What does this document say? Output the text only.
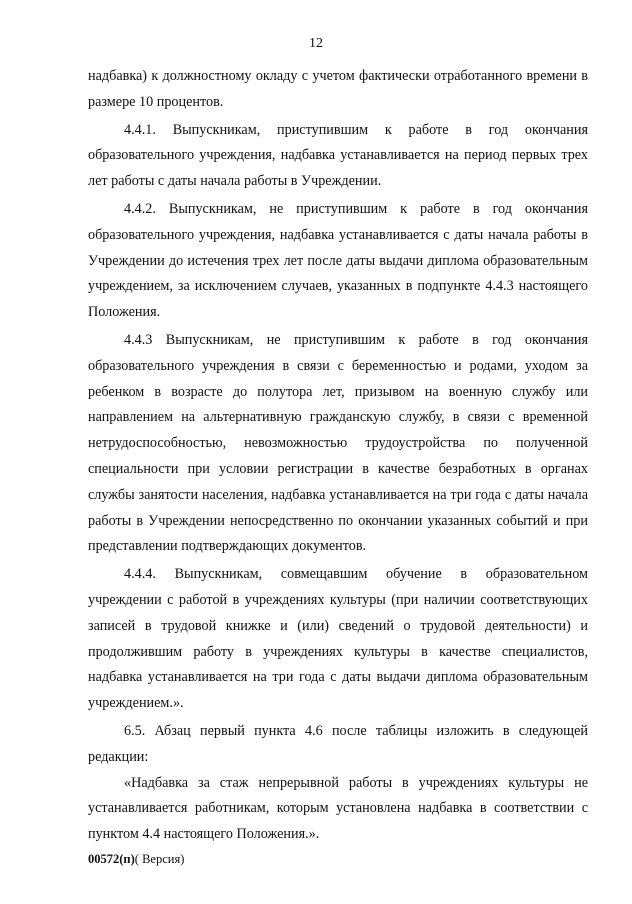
12

надбавка) к должностному окладу с учетом фактически отработанного времени в размере 10 процентов.

4.4.1. Выпускникам, приступившим к работе в год окончания образовательного учреждения, надбавка устанавливается на период первых трех лет работы с даты начала работы в Учреждении.

4.4.2. Выпускникам, не приступившим к работе в год окончания образовательного учреждения, надбавка устанавливается с даты начала работы в Учреждении до истечения трех лет после даты выдачи диплома образовательным учреждением, за исключением случаев, указанных в подпункте 4.4.3 настоящего Положения.

4.4.3 Выпускникам, не приступившим к работе в год окончания образовательного учреждения в связи с беременностью и родами, уходом за ребенком в возрасте до полутора лет, призывом на военную службу или направлением на альтернативную гражданскую службу, в связи с временной нетрудоспособностью, невозможностью трудоустройства по полученной специальности при условии регистрации в качестве безработных в органах службы занятости населения, надбавка устанавливается на три года с даты начала работы в Учреждении непосредственно по окончании указанных событий и при представлении подтверждающих документов.

4.4.4. Выпускникам, совмещавшим обучение в образовательном учреждении с работой в учреждениях культуры (при наличии соответствующих записей в трудовой книжке и (или) сведений о трудовой деятельности) и продолжившим работу в учреждениях культуры в качестве специалистов, надбавка устанавливается на три года с даты выдачи диплома образовательным учреждением.».

6.5. Абзац первый пункта 4.6 после таблицы изложить в следующей редакции:

«Надбавка за стаж непрерывной работы в учреждениях культуры не устанавливается работникам, которым установлена надбавка в соответствии с пунктом 4.4 настоящего Положения.».

00572(п)( Версия)
